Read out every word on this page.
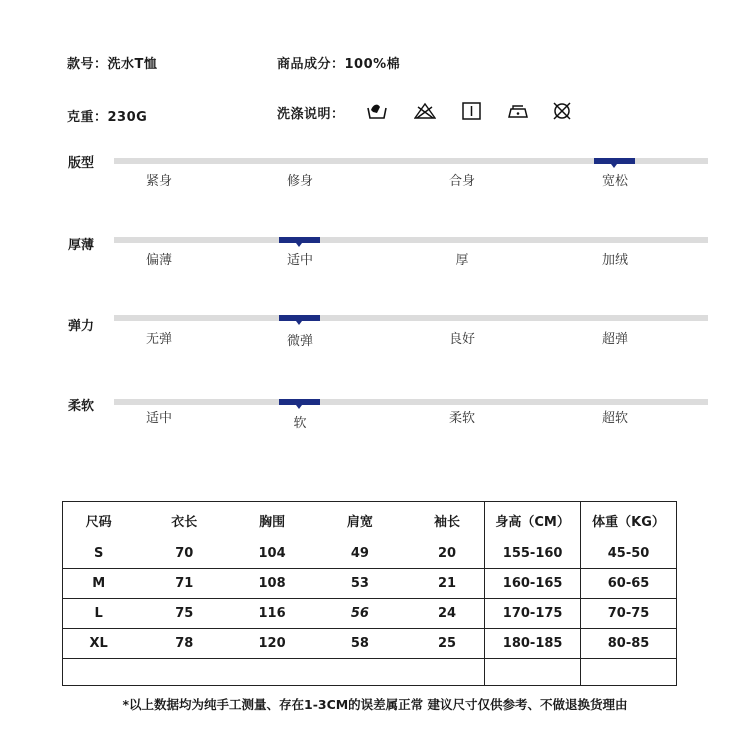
款号：洗水T恤	商品成分：100%棉
克重：230G	洗涤说明：
版型
紧身	修身	合身	宽松
厚薄
偏薄	适中	厚	加绒
弹力
无弹	微弹	良好	超弹
柔软
适中	软	柔软	超软
尺码	衣长	胸围	肩宽	袖长	身高（CM）	体重（KG）
S	70	104	49	20	155-160	45-50
M	71	108	53	21	160-165	60-65
L	75	116	56	24	170-175	70-75
XL	78	120	58	25	180-185	80-85

*以上数据均为纯手工测量、存在1-3CM的误差属正常 建议尺寸仅供参考、不做退换货理由
